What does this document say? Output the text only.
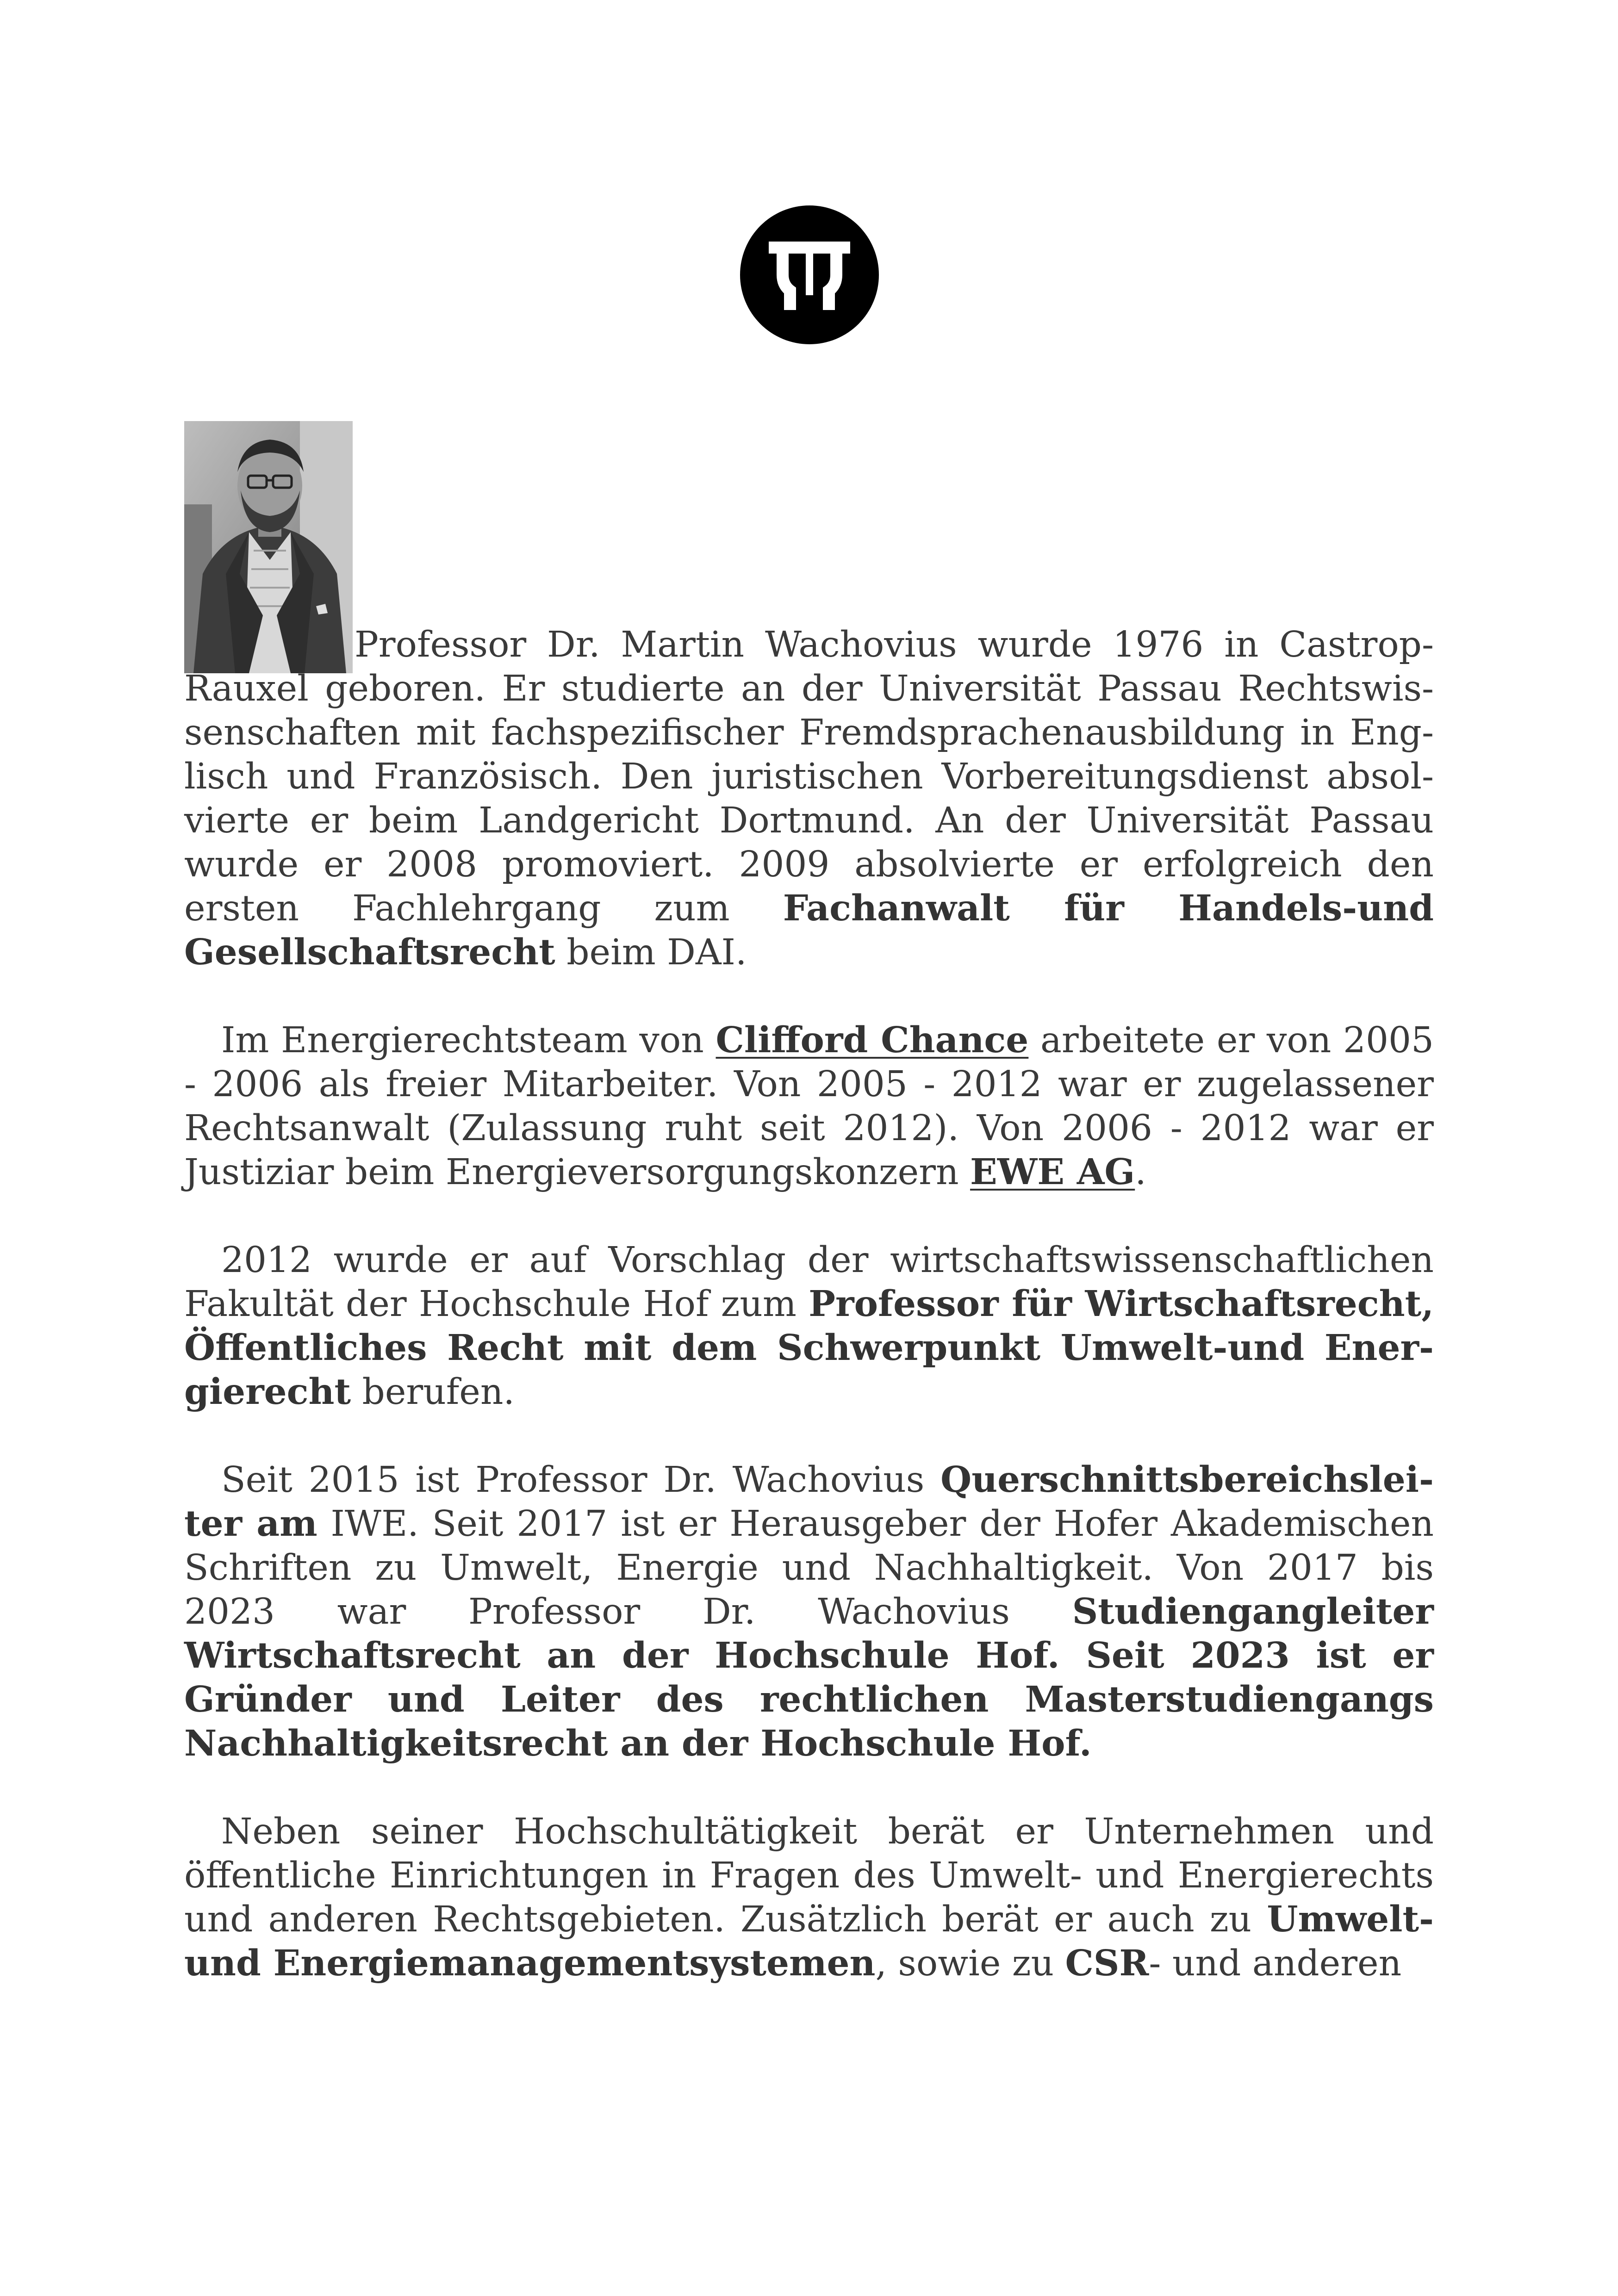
Professor Dr. Martin Wachovius wurde 1976 in Castrop-Rauxel geboren. Er studierte an der Universität Passau Rechtswissenschaften mit fachspezifischer Fremdsprachenausbildung in Englisch und Französisch. Den juristischen Vorbereitungsdienst absolvierte er beim Landgericht Dortmund. An der Universität Passau wurde er 2008 promoviert. 2009 absolvierte er erfolgreich den ersten Fachlehrgang zum Fachanwalt für Handels-und Gesellschaftsrecht beim DAI.

Im Energierechtsteam von Clifford Chance arbeitete er von 2005 - 2006 als freier Mitarbeiter. Von 2005 - 2012 war er zugelassener Rechtsanwalt (Zulassung ruht seit 2012). Von 2006 - 2012 war er Justiziar beim Energieversorgungskonzern EWE AG.

2012 wurde er auf Vorschlag der wirtschaftswissenschaftlichen Fakultät der Hochschule Hof zum Professor für Wirtschaftsrecht, Öffentliches Recht mit dem Schwerpunkt Umwelt-und Energierecht berufen.

Seit 2015 ist Professor Dr. Wachovius Querschnittsbereichsleiter am IWE. Seit 2017 ist er Herausgeber der Hofer Akademischen Schriften zu Umwelt, Energie und Nachhaltigkeit. Von 2017 bis 2023 war Professor Dr. Wachovius Studiengangleiter Wirtschaftsrecht an der Hochschule Hof. Seit 2023 ist er Gründer und Leiter des rechtlichen Masterstudiengangs Nachhaltigkeitsrecht an der Hochschule Hof.

Neben seiner Hochschultätigkeit berät er Unternehmen und öffentliche Einrichtungen in Fragen des Umwelt- und Energierechts und anderen Rechtsgebieten. Zusätzlich berät er auch zu Umwelt- und Energiemanagementsystemen, sowie zu CSR- und anderen
